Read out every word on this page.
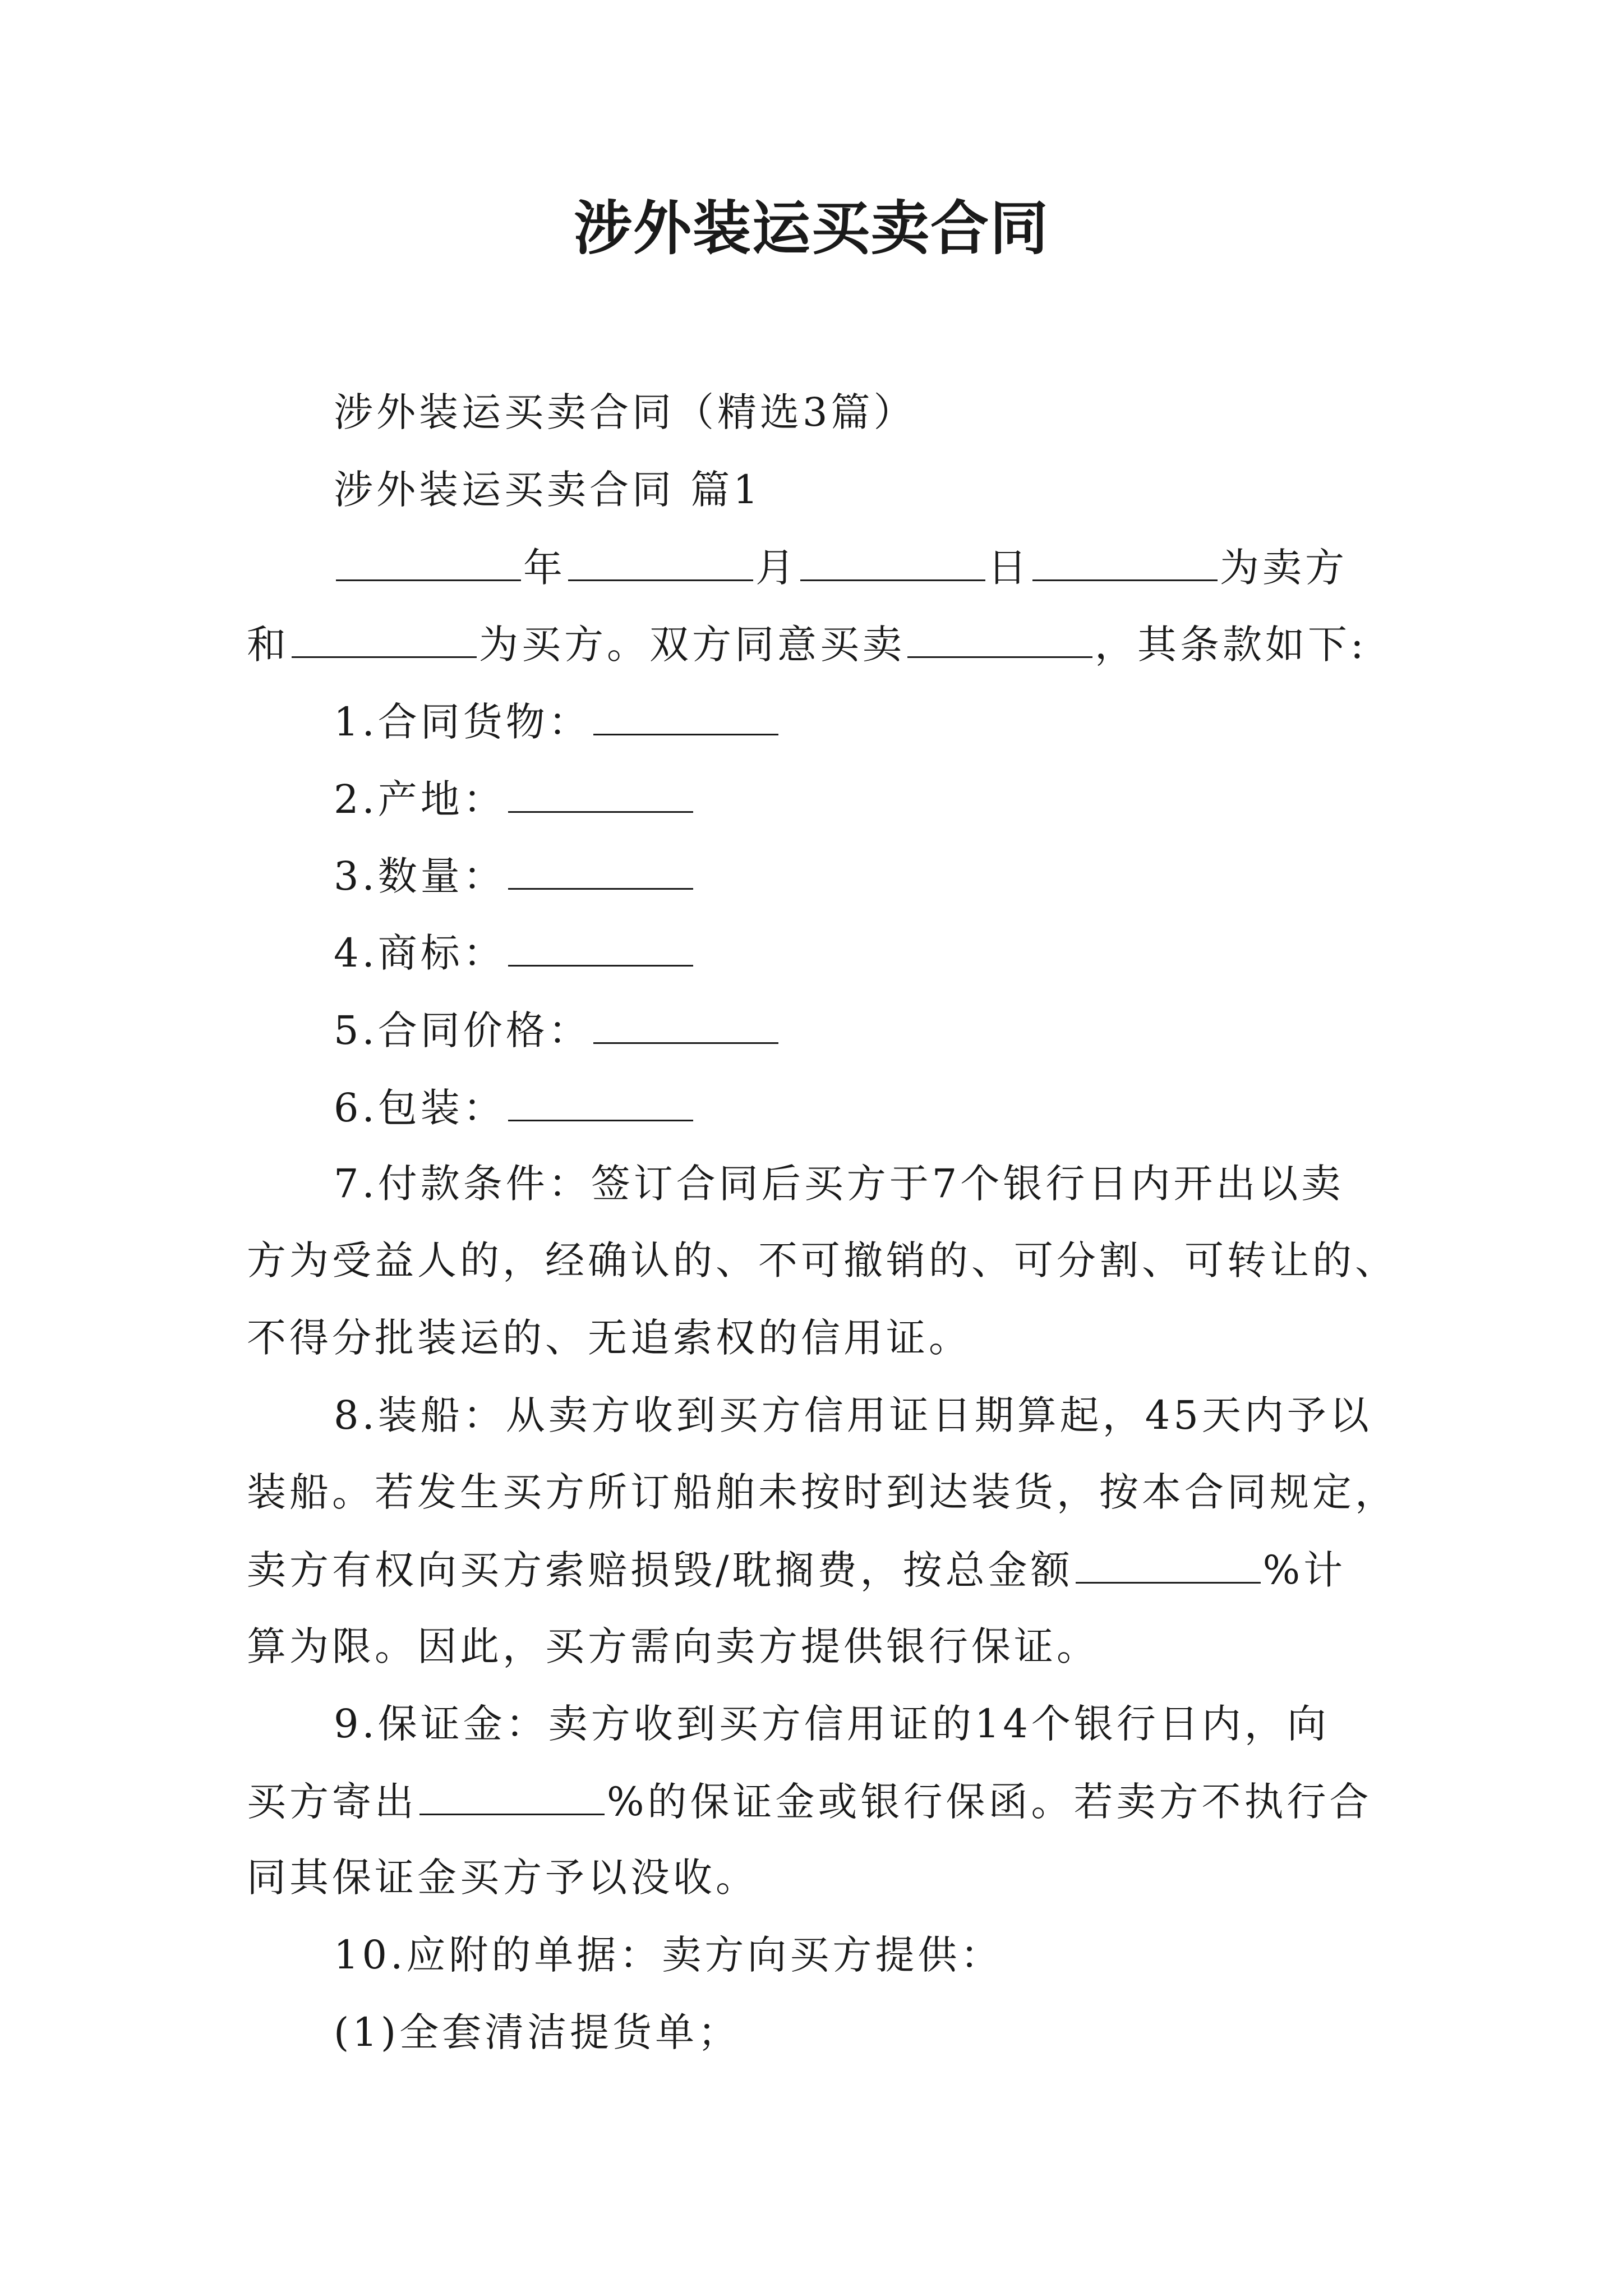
涉外装运买卖合同
涉外装运买卖合同（精选3篇）
涉外装运买卖合同 篇1
年	月	日	为卖方
和	为买方。双方同意买卖	，其条款如下:
1.合同货物：
2.产地：
3.数量：
4.商标：
5.合同价格：
6.包装：
7.付款条件：签订合同后买方于7个银行日内开出以卖
方为受益人的，经确认的、不可撤销的、可分割、可转让的、
不得分批装运的、无追索权的信用证。
8.装船：从卖方收到买方信用证日期算起，45天内予以
装船。若发生买方所订船舶未按时到达装货，按本合同规定，
卖方有权向买方索赔损毁/耽搁费，按总金额	%计
算为限。因此，买方需向卖方提供银行保证。
9.保证金：卖方收到买方信用证的14个银行日内，向
买方寄出	%的保证金或银行保函。若卖方不执行合
同其保证金买方予以没收。
10.应附的单据：卖方向买方提供：
(1)全套清洁提货单；
